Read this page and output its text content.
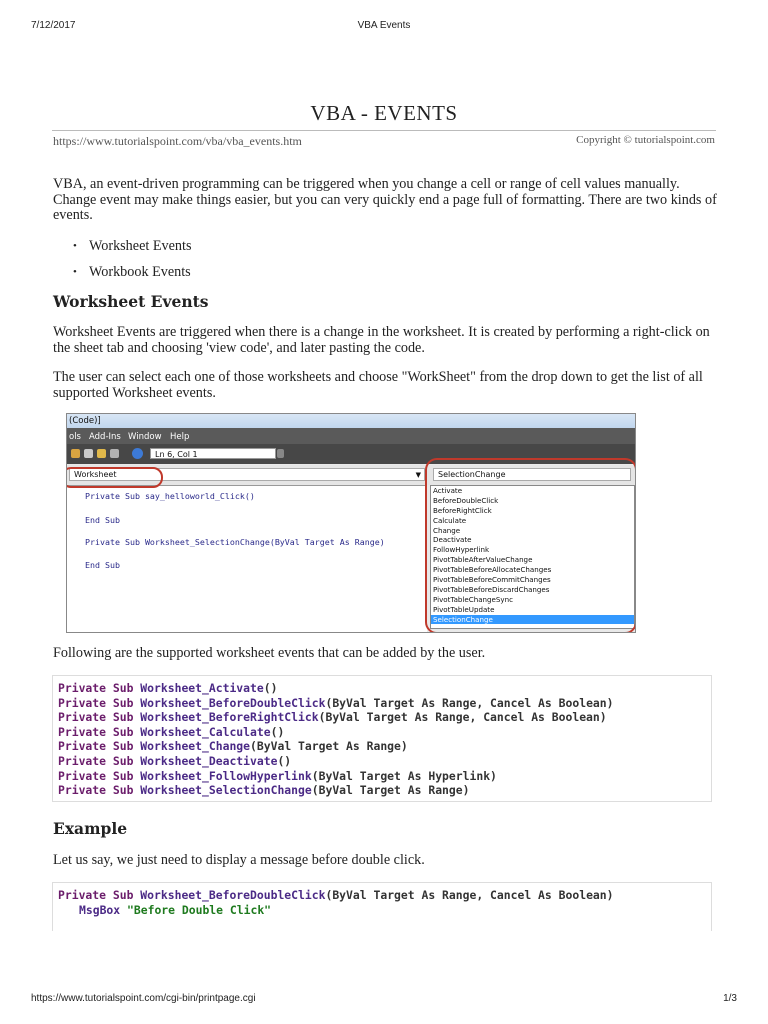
7/12/2017	VBA Events
VBA - EVENTS
https://www.tutorialspoint.com/vba/vba_events.htm	Copyright © tutorialspoint.com

VBA, an event-driven programming can be triggered when you change a cell or range of cell values manually. Change event may make things easier, but you can very quickly end a page full of formatting. There are two kinds of events.

• Worksheet Events
• Workbook Events
Worksheet Events

Worksheet Events are triggered when there is a change in the worksheet. It is created by performing a right-click on the sheet tab and choosing 'view code', and later pasting the code.

The user can select each one of those worksheets and choose "WorkSheet" from the drop down to get the list of all supported Worksheet events.

(Code)]
ols Add-Ins Window Help
Ln 6, Col 1
Worksheet	▼	SelectionChange
Private Sub say_helloworld_Click()
End Sub
Private Sub Worksheet_SelectionChange(ByVal Target As Range)
End Sub
Activate
BeforeDoubleClick
BeforeRightClick
Calculate
Change
Deactivate
FollowHyperlink
PivotTableAfterValueChange
PivotTableBeforeAllocateChanges
PivotTableBeforeCommitChanges
PivotTableBeforeDiscardChanges
PivotTableChangeSync
PivotTableUpdate
SelectionChange

Following are the supported worksheet events that can be added by the user.

Private Sub Worksheet_Activate()
Private Sub Worksheet_BeforeDoubleClick(ByVal Target As Range, Cancel As Boolean)
Private Sub Worksheet_BeforeRightClick(ByVal Target As Range, Cancel As Boolean)
Private Sub Worksheet_Calculate()
Private Sub Worksheet_Change(ByVal Target As Range)
Private Sub Worksheet_Deactivate()
Private Sub Worksheet_FollowHyperlink(ByVal Target As Hyperlink)
Private Sub Worksheet_SelectionChange(ByVal Target As Range)
Example

Let us say, we just need to display a message before double click.

Private Sub Worksheet_BeforeDoubleClick(ByVal Target As Range, Cancel As Boolean)
MsgBox "Before Double Click"
https://www.tutorialspoint.com/cgi-bin/printpage.cgi	1/3
